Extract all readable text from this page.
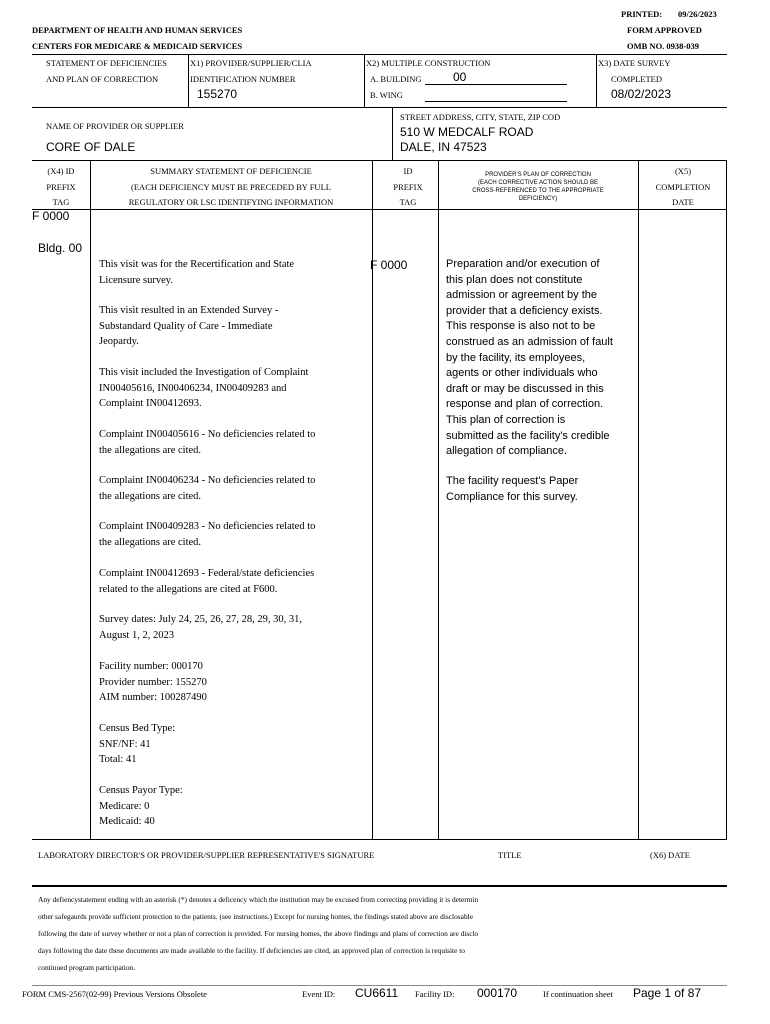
PRINTED: 09/26/2023
FORM APPROVED
OMB NO. 0938-039
DEPARTMENT OF HEALTH AND HUMAN SERVICES
CENTERS FOR MEDICARE & MEDICAID SERVICES
STATEMENT OF DEFICIENCIES
AND PLAN OF CORRECTION
X1) PROVIDER/SUPPLIER/CLIA
IDENTIFICATION NUMBER
155270
X2) MULTIPLE CONSTRUCTION
A. BUILDING	00
B. WING
X3) DATE SURVEY
COMPLETED
08/02/2023
NAME OF PROVIDER OR SUPPLIER
CORE OF DALE
STREET ADDRESS, CITY, STATE, ZIP COD
510 W MEDCALF ROAD
DALE, IN 47523
(X4) ID
PREFIX
TAG
SUMMARY STATEMENT OF DEFICIENCIE
(EACH DEFICIENCY MUST BE PRECEDED BY FULL
REGULATORY OR LSC IDENTIFYING INFORMATION
ID
PREFIX
TAG
PROVIDER'S PLAN OF CORRECTION
(EACH CORRECTIVE ACTION SHOULD BE
CROSS-REFERENCED TO THE APPROPRIATE
DEFICIENCY)
(X5)
COMPLETION
DATE
F 0000
Bldg. 00
F 0000
This visit was for the Recertification and State
Licensure survey.
This visit resulted in an Extended Survey -
Substandard Quality of Care - Immediate
Jeopardy.
This visit included the Investigation of Complaint
IN00405616, IN00406234, IN00409283 and
Complaint IN00412693.
Complaint IN00405616 - No deficiencies related to
the allegations are cited.
Complaint IN00406234 - No deficiencies related to
the allegations are cited.
Complaint IN00409283 - No deficiencies related to
the allegations are cited.
Complaint IN00412693 - Federal/state deficiencies
related to the allegations are cited at F600.
Survey dates: July 24, 25, 26, 27, 28, 29, 30, 31,
August 1, 2, 2023
Facility number: 000170
Provider number: 155270
AIM number: 100287490
Census Bed Type:
SNF/NF: 41
Total: 41
Census Payor Type:
Medicare: 0
Medicaid: 40
Preparation and/or execution of
this plan does not constitute
admission or agreement by the
provider that a deficiency exists.
This response is also not to be
construed as an admission of fault
by the facility, its employees,
agents or other individuals who
draft or may be discussed in this
response and plan of correction.
This plan of correction is
submitted as the facility's credible
allegation of compliance.
The facility request's Paper
Compliance for this survey.
LABORATORY DIRECTOR'S OR PROVIDER/SUPPLIER REPRESENTATIVE'S SIGNATURE	TITLE	(X6) DATE
Any defiencystatement ending with an asterisk (*) denotes a deficency which the institution may be excused from correcting providing it is determin
other safegaurds provide sufficient protection to the patients. (see instructions.) Except for nursing homes, the findings stated above are disclosable
following the date of survey whether or not a plan of correction is provided. For nursing homes, the above findings and plans of correction are disclo
days following the date these documents are made available to the facility. If deficiencies are cited, an approved plan of correction is requisite to
continued program participation.
FORM CMS-2567(02-99) Previous Versions Obsolete	Event ID: CU6611 Facility ID: 000170	If continuation sheet Page 1 of 87
